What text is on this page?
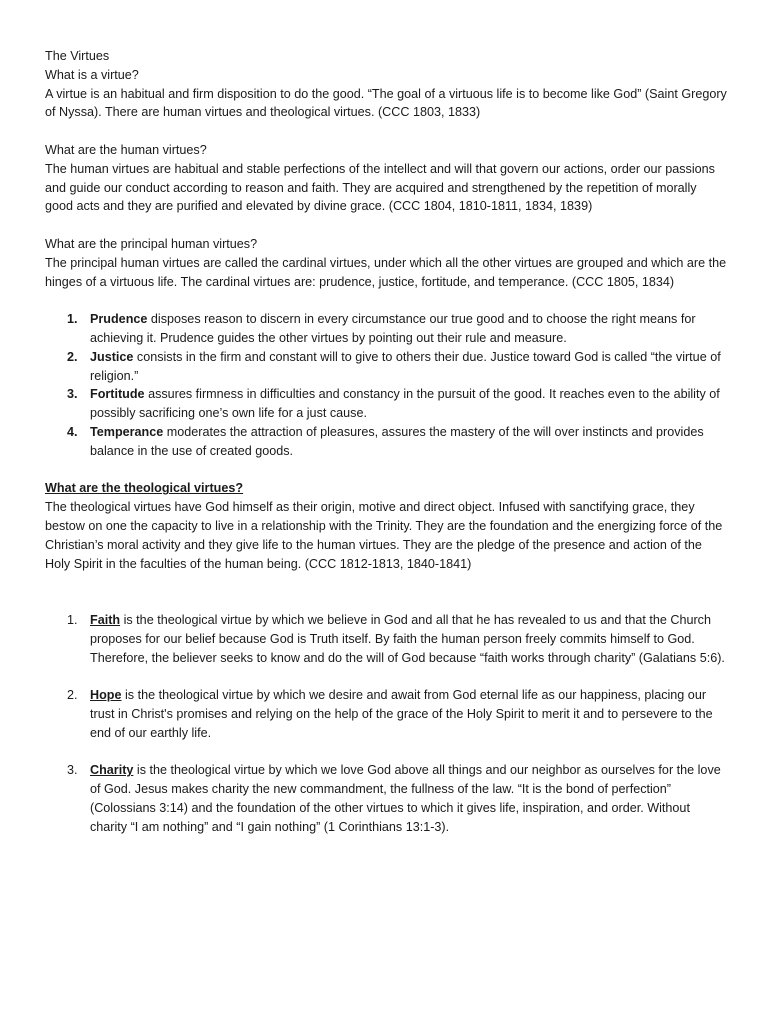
The Virtues

What is a virtue?

A virtue is an habitual and firm disposition to do the good. “The goal of a virtuous life is to become like God” (Saint Gregory of Nyssa). There are human virtues and theological virtues. (CCC 1803, 1833)

What are the human virtues?

The human virtues are habitual and stable perfections of the intellect and will that govern our actions, order our passions and guide our conduct according to reason and faith. They are acquired and strengthened by the repetition of morally good acts and they are purified and elevated by divine grace. (CCC 1804, 1810-1811, 1834, 1839)

What are the principal human virtues?

The principal human virtues are called the cardinal virtues, under which all the other virtues are grouped and which are the hinges of a virtuous life. The cardinal virtues are: prudence, justice, fortitude, and temperance. (CCC 1805, 1834)

1. Prudence disposes reason to discern in every circumstance our true good and to choose the right means for achieving it. Prudence guides the other virtues by pointing out their rule and measure.
2. Justice consists in the firm and constant will to give to others their due. Justice toward God is called “the virtue of religion.”
3. Fortitude assures firmness in difficulties and constancy in the pursuit of the good. It reaches even to the ability of possibly sacrificing one’s own life for a just cause.
4. Temperance moderates the attraction of pleasures, assures the mastery of the will over instincts and provides balance in the use of created goods.

What are the theological virtues?

The theological virtues have God himself as their origin, motive and direct object. Infused with sanctifying grace, they bestow on one the capacity to live in a relationship with the Trinity. They are the foundation and the energizing force of the Christian’s moral activity and they give life to the human virtues. They are the pledge of the presence and action of the Holy Spirit in the faculties of the human being. (CCC 1812-1813, 1840-1841)

1. Faith is the theological virtue by which we believe in God and all that he has revealed to us and that the Church proposes for our belief because God is Truth itself. By faith the human person freely commits himself to God. Therefore, the believer seeks to know and do the will of God because “faith works through charity” (Galatians 5:6).
2. Hope is the theological virtue by which we desire and await from God eternal life as our happiness, placing our trust in Christ's promises and relying on the help of the grace of the Holy Spirit to merit it and to persevere to the end of our earthly life.
3. Charity is the theological virtue by which we love God above all things and our neighbor as ourselves for the love of God. Jesus makes charity the new commandment, the fullness of the law. “It is the bond of perfection” (Colossians 3:14) and the foundation of the other virtues to which it gives life, inspiration, and order. Without charity “I am nothing” and “I gain nothing” (1 Corinthians 13:1-3).
